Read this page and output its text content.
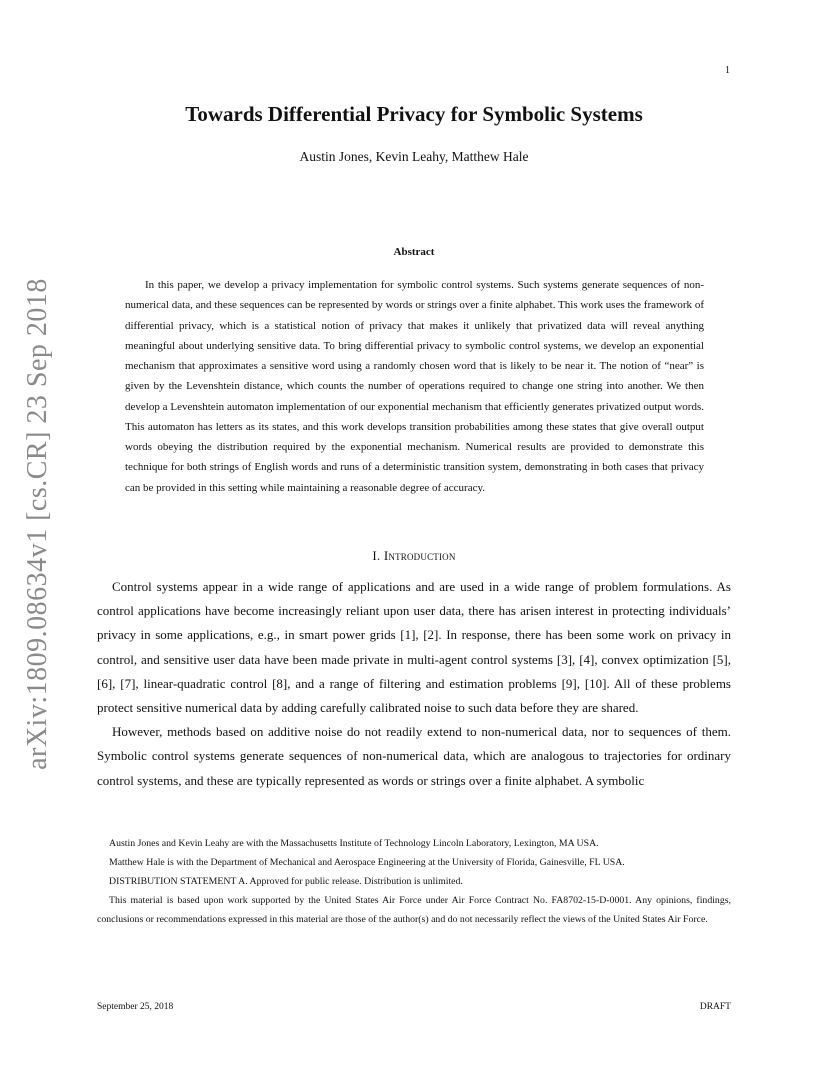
1
arXiv:1809.08634v1 [cs.CR] 23 Sep 2018
Towards Differential Privacy for Symbolic Systems
Austin Jones, Kevin Leahy, Matthew Hale
Abstract

In this paper, we develop a privacy implementation for symbolic control systems. Such systems generate sequences of non-numerical data, and these sequences can be represented by words or strings over a finite alphabet. This work uses the framework of differential privacy, which is a statistical notion of privacy that makes it unlikely that privatized data will reveal anything meaningful about underlying sensitive data. To bring differential privacy to symbolic control systems, we develop an exponential mechanism that approximates a sensitive word using a randomly chosen word that is likely to be near it. The notion of “near” is given by the Levenshtein distance, which counts the number of operations required to change one string into another. We then develop a Levenshtein automaton implementation of our exponential mechanism that efficiently generates privatized output words. This automaton has letters as its states, and this work develops transition probabilities among these states that give overall output words obeying the distribution required by the exponential mechanism. Numerical results are provided to demonstrate this technique for both strings of English words and runs of a deterministic transition system, demonstrating in both cases that privacy can be provided in this setting while maintaining a reasonable degree of accuracy.

I. Introduction

Control systems appear in a wide range of applications and are used in a wide range of problem formulations. As control applications have become increasingly reliant upon user data, there has arisen interest in protecting individuals’ privacy in some applications, e.g., in smart power grids [1], [2]. In response, there has been some work on privacy in control, and sensitive user data have been made private in multi-agent control systems [3], [4], convex optimization [5], [6], [7], linear-quadratic control [8], and a range of filtering and estimation problems [9], [10]. All of these problems protect sensitive numerical data by adding carefully calibrated noise to such data before they are shared.

However, methods based on additive noise do not readily extend to non-numerical data, nor to sequences of them. Symbolic control systems generate sequences of non-numerical data, which are analogous to trajectories for ordinary control systems, and these are typically represented as words or strings over a finite alphabet. A symbolic

Austin Jones and Kevin Leahy are with the Massachusetts Institute of Technology Lincoln Laboratory, Lexington, MA USA.

Matthew Hale is with the Department of Mechanical and Aerospace Engineering at the University of Florida, Gainesville, FL USA.

DISTRIBUTION STATEMENT A. Approved for public release. Distribution is unlimited.

This material is based upon work supported by the United States Air Force under Air Force Contract No. FA8702-15-D-0001. Any opinions, findings, conclusions or recommendations expressed in this material are those of the author(s) and do not necessarily reflect the views of the United States Air Force.

September 25, 2018	DRAFT
